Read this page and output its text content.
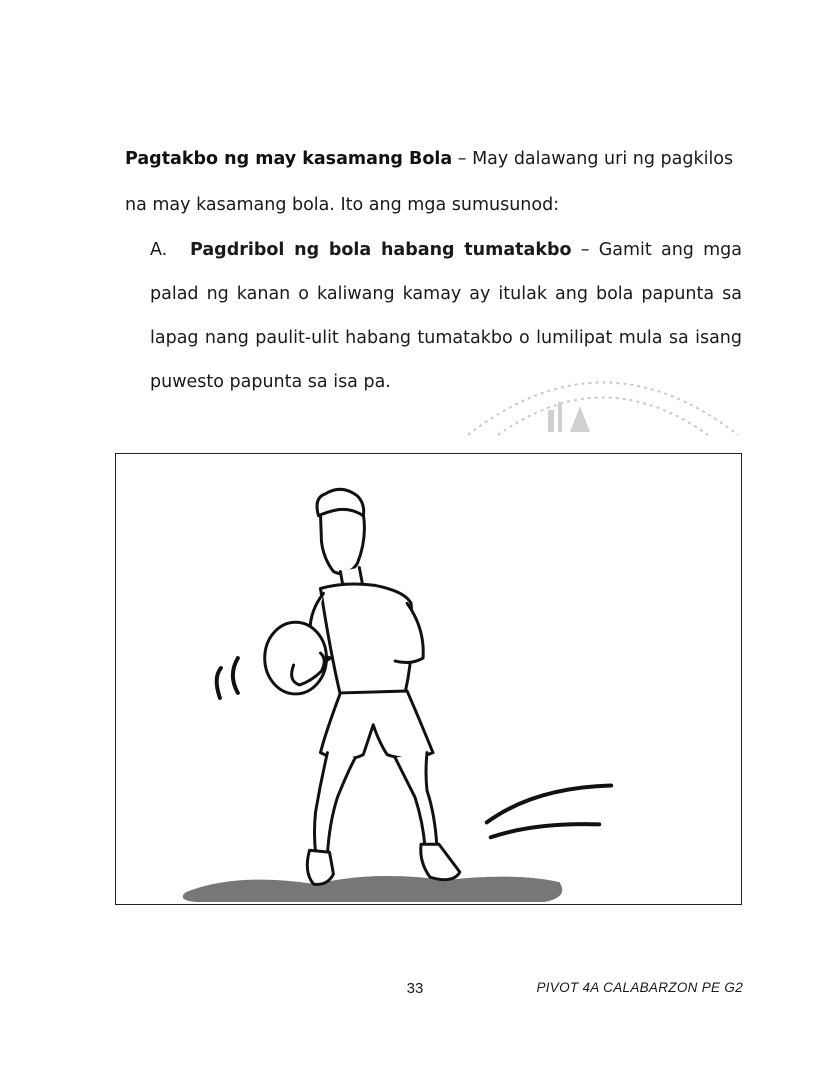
Pagtakbo ng may kasamang Bola – May dalawang uri ng pagkilos na may kasamang bola. Ito ang mga sumusunod:

A. Pagdribol ng bola habang tumatakbo – Gamit ang mga palad ng kanan o kaliwang kamay ay itulak ang bola papunta sa lapag nang paulit-ulit habang tumatakbo o lumilipat mula sa isang puwesto papunta sa isa pa.

33	PIVOT 4A CALABARZON PE G2
